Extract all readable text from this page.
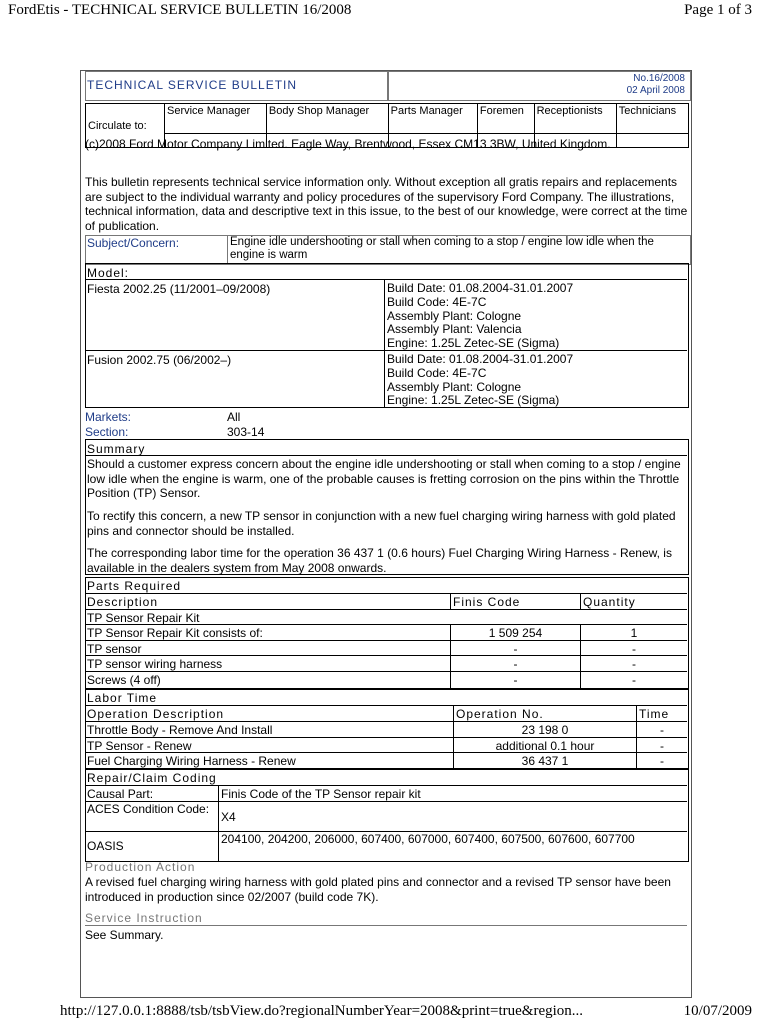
FordEtis - TECHNICAL SERVICE BULLETIN 16/2008	Page 1 of 3
TECHNICAL SERVICE BULLETIN	No.16/2008
02 April 2008
Circulate to:	Service Manager	Body Shop Manager	Parts Manager	Foremen	Receptionists	Technicians

(c)2008 Ford Motor Company Limited. Eagle Way, Brentwood, Essex CM13 3BW, United Kingdom.

This bulletin represents technical service information only. Without exception all gratis repairs and replacements are subject to the individual warranty and policy procedures of the supervisory Ford Company. The illustrations, technical information, data and descriptive text in this issue, to the best of our knowledge, were correct at the time of publication.

Subject/Concern:	Engine idle undershooting or stall when coming to a stop / engine low idle when the engine is warm

Model:
Fiesta 2002.25 (11/2001–09/2008)	Build Date: 01.08.2004-31.01.2007
Build Code: 4E-7C
Assembly Plant: Cologne
Assembly Plant: Valencia
Engine: 1.25L Zetec-SE (Sigma)
Fusion 2002.75 (06/2002–)	Build Date: 01.08.2004-31.01.2007
Build Code: 4E-7C
Assembly Plant: Cologne
Engine: 1.25L Zetec-SE (Sigma)
Markets:	All
Section:	303-14
Summary

Should a customer express concern about the engine idle undershooting or stall when coming to a stop / engine low idle when the engine is warm, one of the probable causes is fretting corrosion on the pins within the Throttle Position (TP) Sensor.

To rectify this concern, a new TP sensor in conjunction with a new fuel charging wiring harness with gold plated pins and connector should be installed.

The corresponding labor time for the operation 36 437 1 (0.6 hours) Fuel Charging Wiring Harness - Renew, is available in the dealers system from May 2008 onwards.

Parts Required
Description	Finis Code	Quantity
TP Sensor Repair Kit
TP Sensor Repair Kit consists of:	1 509 254	1
TP sensor	-	-
TP sensor wiring harness	-	-
Screws (4 off)	-	-
Labor Time
Operation Description	Operation No.	Time
Throttle Body - Remove And Install	23 198 0	-
TP Sensor - Renew	additional 0.1 hour	-
Fuel Charging Wiring Harness - Renew	36 437 1	-
Repair/Claim Coding
Causal Part:	Finis Code of the TP Sensor repair kit
ACES Condition Code:
X4
OASIS	204100, 204200, 206000, 607400, 607000, 607400, 607500, 607600, 607700
Production Action

A revised fuel charging wiring harness with gold plated pins and connector and a revised TP sensor have been introduced in production since 02/2007 (build code 7K).

Service Instruction
See Summary.
http://127.0.0.1:8888/tsb/tsbView.do?regionalNumberYear=2008&print=true&region...	10/07/2009
